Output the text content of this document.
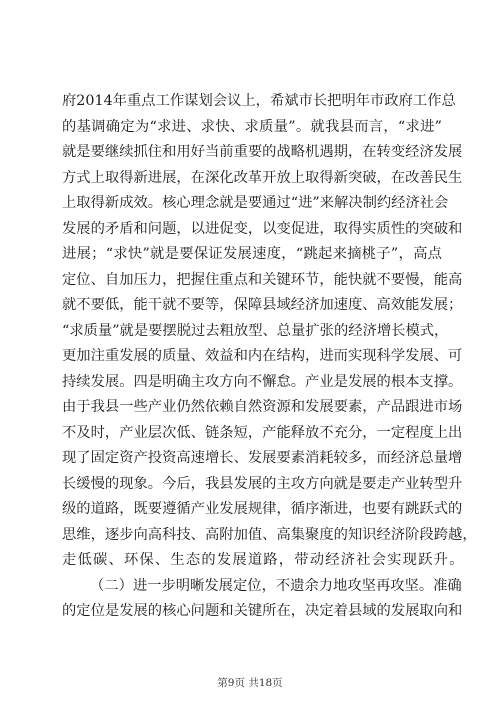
府 2014 年 重 点 工 作 谋 划 会 议 上 ， 希 斌 市 长 把 明 年 市 政 府 工 作 总
的 基 调 确 定 为 “ 求 进 、 求 快 、 求 质 量 ” 。 就 我 县 而 言 ， “ 求 进 ”
就 是 要 继 续 抓 住 和 用 好 当 前 重 要 的 战 略 机 遇 期 ， 在 转 变 经 济 发 展
方 式 上 取 得 新 进 展 ， 在 深 化 改 革 开 放 上 取 得 新 突 破 ， 在 改 善 民 生
上 取 得 新 成 效 。 核 心 理 念 就 是 要 通 过 “ 进 ” 来 解 决 制 约 经 济 社 会
发 展 的 矛 盾 和 问 题 ， 以 进 促 变 ， 以 变 促 进 ， 取 得 实 质 性 的 突 破 和
进 展 ； “ 求 快 ” 就 是 要 保 证 发 展 速 度 ， “ 跳 起 来 摘 桃 子 ” ， 高 点
定 位 、 自 加 压 力 ， 把 握 住 重 点 和 关 键 环 节 ， 能 快 就 不 要 慢 ， 能 高
就 不 要 低 ， 能 干 就 不 要 等 ， 保 障 县 域 经 济 加 速 度 、 高 效 能 发 展 ；
“ 求 质 量 ” 就 是 要 摆 脱 过 去 粗 放 型 、 总 量 扩 张 的 经 济 增 长 模 式 ，
更 加 注 重 发 展 的 质 量 、 效 益 和 内 在 结 构 ， 进 而 实 现 科 学 发 展 、 可
持 续 发 展 。 四 是 明 确 主 攻 方 向 不 懈 怠 。 产 业 是 发 展 的 根 本 支 撑 。
由 于 我 县 一 些 产 业 仍 然 依 赖 自 然 资 源 和 发 展 要 素 ， 产 品 跟 进 市 场
不 及 时 ， 产 业 层 次 低 、 链 条 短 ， 产 能 释 放 不 充 分 ， 一 定 程 度 上 出
现 了 固 定 资 产 投 资 高 速 增 长 、 发 展 要 素 消 耗 较 多 ， 而 经 济 总 量 增
长 缓 慢 的 现 象 。 今 后 ， 我 县 发 展 的 主 攻 方 向 就 是 要 走 产 业 转 型 升
级 的 道 路 ， 既 要 遵 循 产 业 发 展 规 律 ， 循 序 渐 进 ， 也 要 有 跳 跃 式 的
思 维 ， 逐 步 向 高 科 技 、 高 附 加 值 、 高 集 聚 度 的 知 识 经 济 阶 段 跨 越 ，
走 低 碳 、 环 保 、 生 态 的 发 展 道 路 ， 带 动 经 济 社 会 实 现 跃 升 。
（ 二 ） 进 一 步 明 晰 发 展 定 位 ， 不 遗 余 力 地 攻 坚 再 攻 坚 。 准 确
的 定 位 是 发 展 的 核 心 问 题 和 关 键 所 在 ， 决 定 着 县 域 的 发 展 取 向 和
第9页 共18页
